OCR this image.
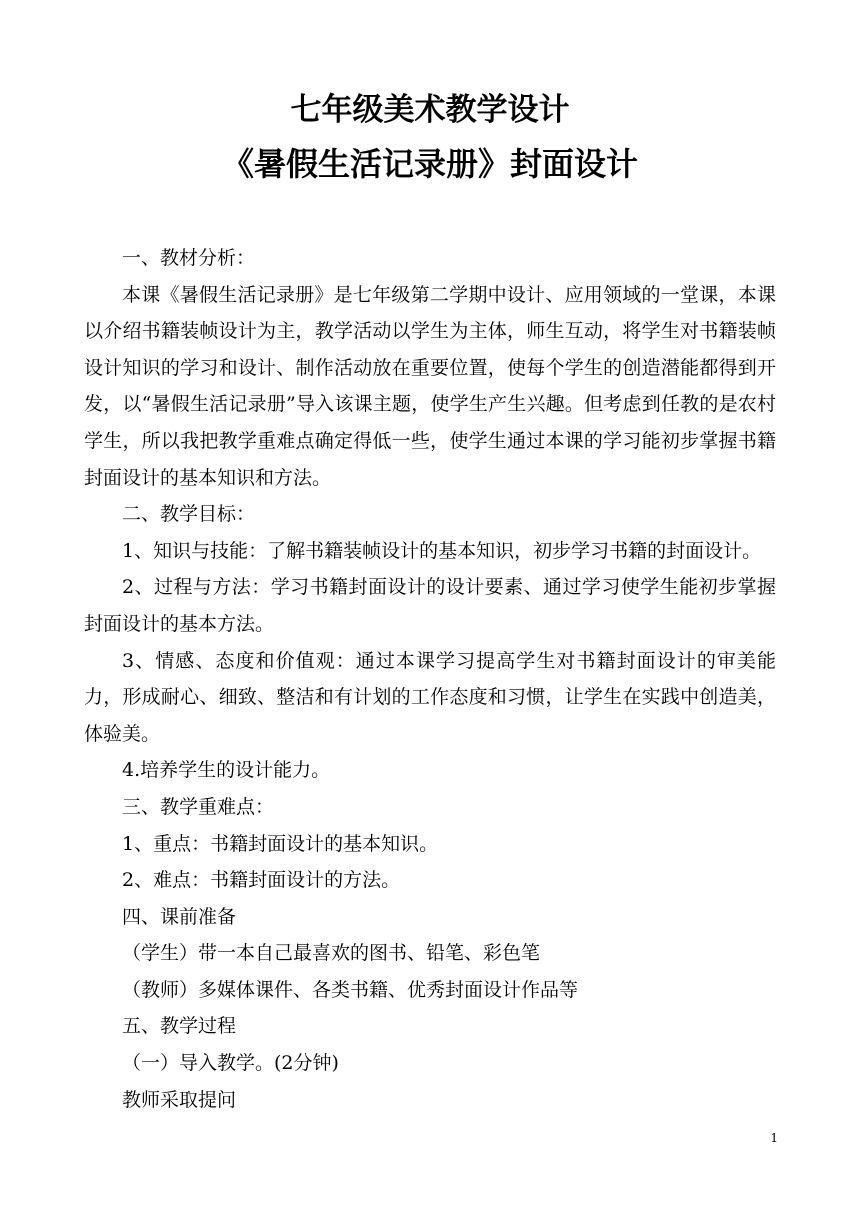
七年级美术教学设计
《暑假生活记录册》封面设计

一、教材分析：

本课《暑假生活记录册》是七年级第二学期中设计、应用领域的一堂课，本课以介绍书籍装帧设计为主，教学活动以学生为主体，师生互动，将学生对书籍装帧设计知识的学习和设计、制作活动放在重要位置，使每个学生的创造潜能都得到开发，以“暑假生活记录册”导入该课主题，使学生产生兴趣。但考虑到任教的是农村学生，所以我把教学重难点确定得低一些，使学生通过本课的学习能初步掌握书籍封面设计的基本知识和方法。

二、教学目标：

1、知识与技能：了解书籍装帧设计的基本知识，初步学习书籍的封面设计。

2、过程与方法：学习书籍封面设计的设计要素、通过学习使学生能初步掌握封面设计的基本方法。

3、情感、态度和价值观：通过本课学习提高学生对书籍封面设计的审美能力，形成耐心、细致、整洁和有计划的工作态度和习惯，让学生在实践中创造美，体验美。

4.培养学生的设计能力。

三、教学重难点：

1、重点：书籍封面设计的基本知识。

2、难点：书籍封面设计的方法。

四、课前准备

（学生）带一本自己最喜欢的图书、铅笔、彩色笔

（教师）多媒体课件、各类书籍、优秀封面设计作品等

五、教学过程

（一）导入教学。(2分钟)

教师采取提问

1
